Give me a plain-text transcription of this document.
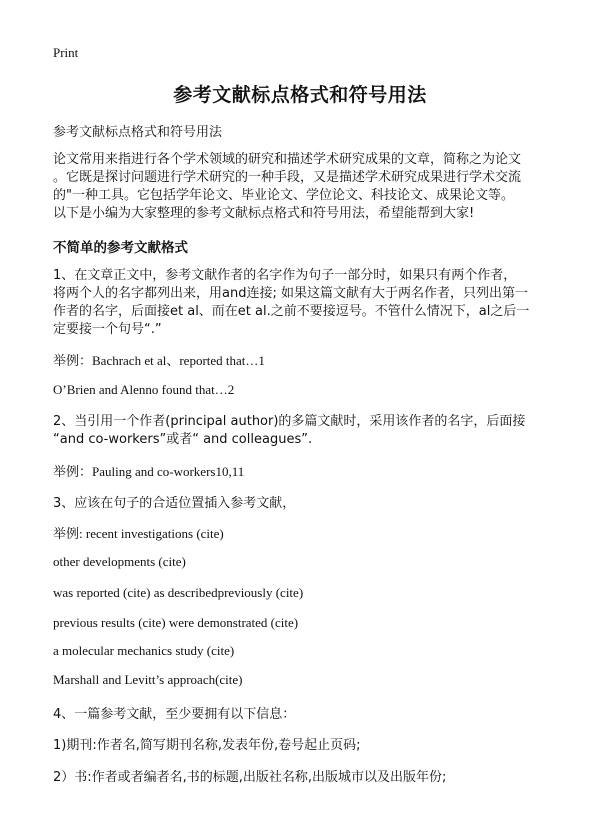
Print
参考文献标点格式和符号用法
参考文献标点格式和符号用法
论文常用来指进行各个学术领域的研究和描述学术研究成果的文章，简称之为论文
。它既是探讨问题进行学术研究的一种手段，又是描述学术研究成果进行学术交流
的"一种工具。它包括学年论文、毕业论文、学位论文、科技论文、成果论文等。
以下是小编为大家整理的参考文献标点格式和符号用法，希望能帮到大家!
不简单的参考文献格式
1、在文章正文中，参考文献作者的名字作为句子一部分时，如果只有两个作者，
将两个人的名字都列出来，用and连接; 如果这篇文献有大于两名作者，只列出第一
作者的名字，后面接et al、而在et al.之前不要接逗号。不管什么情况下，al之后一
定要接一个句号“.”
举例：Bachrach et al、reported that…1
O’Brien and Alenno found that…2
2、当引用一个作者(principal author)的多篇文献时，采用该作者的名字，后面接
“and co-workers”或者“ and colleagues”.
举例：Pauling and co-workers10,11
3、应该在句子的合适位置插入参考文献，
举例: recent investigations (cite)
other developments (cite)
was reported (cite) as describedpreviously (cite)
previous results (cite) were demonstrated (cite)
a molecular mechanics study (cite)
Marshall and Levitt’s approach(cite)
4、一篇参考文献，至少要拥有以下信息：
1)期刊:作者名,简写期刊名称,发表年份,卷号起止页码;
2）书:作者或者编者名,书的标题,出版社名称,出版城市以及出版年份;
